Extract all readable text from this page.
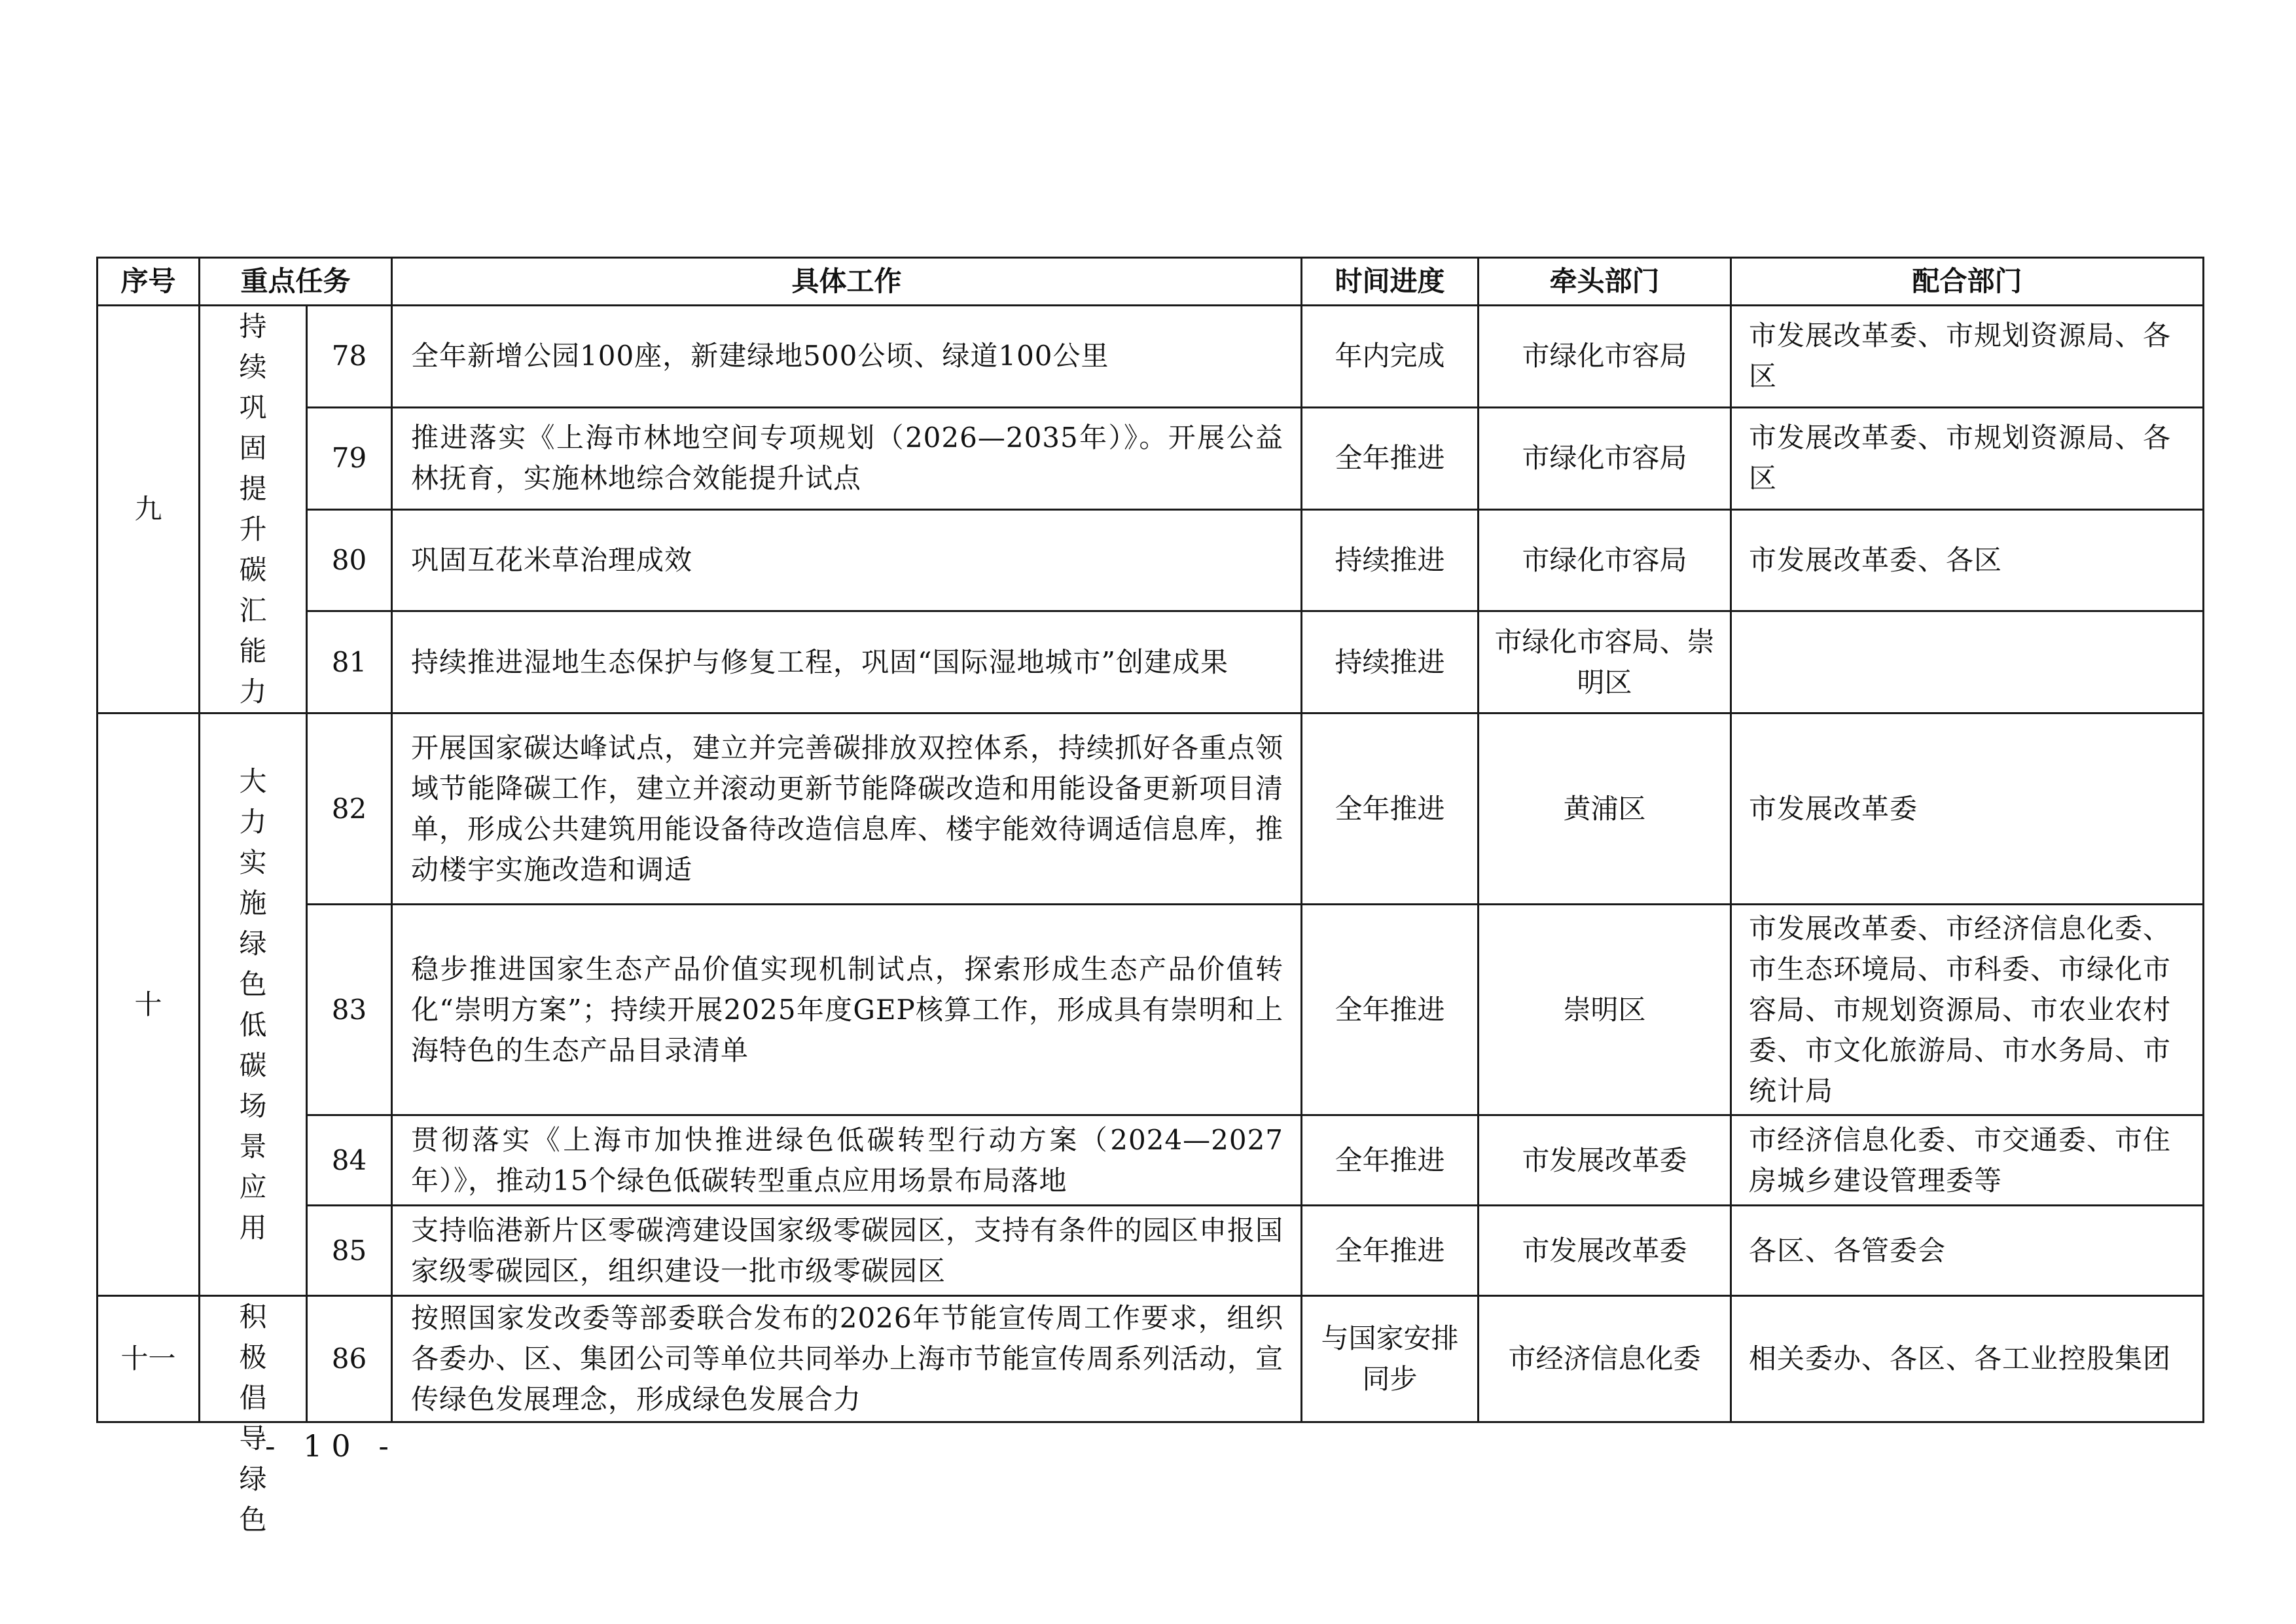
序号	重点任务		具体工作	时间进度	牵头部门	配合部门
九	持续巩固提升碳汇能力	78	全年新增公园100座，新建绿地500公顷、绿道100公里	年内完成	市绿化市容局	市发展改革委、市规划资源局、各区
		79	推进落实《上海市林地空间专项规划（2026—2035年）》。开展公益林抚育，实施林地综合效能提升试点	全年推进	市绿化市容局	市发展改革委、市规划资源局、各区
		80	巩固互花米草治理成效	持续推进	市绿化市容局	市发展改革委、各区
		81	持续推进湿地生态保护与修复工程，巩固“国际湿地城市”创建成果	持续推进	市绿化市容局、崇明区	
十	大力实施绿色低碳场景应用	82	开展国家碳达峰试点，建立并完善碳排放双控体系，持续抓好各重点领域节能降碳工作，建立并滚动更新节能降碳改造和用能设备更新项目清单，形成公共建筑用能设备待改造信息库、楼宇能效待调适信息库，推动楼宇实施改造和调适	全年推进	黄浦区	市发展改革委
		83	稳步推进国家生态产品价值实现机制试点，探索形成生态产品价值转化“崇明方案”；持续开展2025年度GEP核算工作，形成具有崇明和上海特色的生态产品目录清单	全年推进	崇明区	市发展改革委、市经济信息化委、市生态环境局、市科委、市绿化市容局、市规划资源局、市农业农村委、市文化旅游局、市水务局、市统计局
		84	贯彻落实《上海市加快推进绿色低碳转型行动方案（2024—2027年）》，推动15个绿色低碳转型重点应用场景布局落地	全年推进	市发展改革委	市经济信息化委、市交通委、市住房城乡建设管理委等
		85	支持临港新片区零碳湾建设国家级零碳园区，支持有条件的园区申报国家级零碳园区，组织建设一批市级零碳园区	全年推进	市发展改革委	各区、各管委会
十一	积极倡导绿色	86	按照国家发改委等部委联合发布的2026年节能宣传周工作要求，组织各委办、区、集团公司等单位共同举办上海市节能宣传周系列活动，宣传绿色发展理念，形成绿色发展合力	与国家安排同步	市经济信息化委	相关委办、各区、各工业控股集团
- 10 -
